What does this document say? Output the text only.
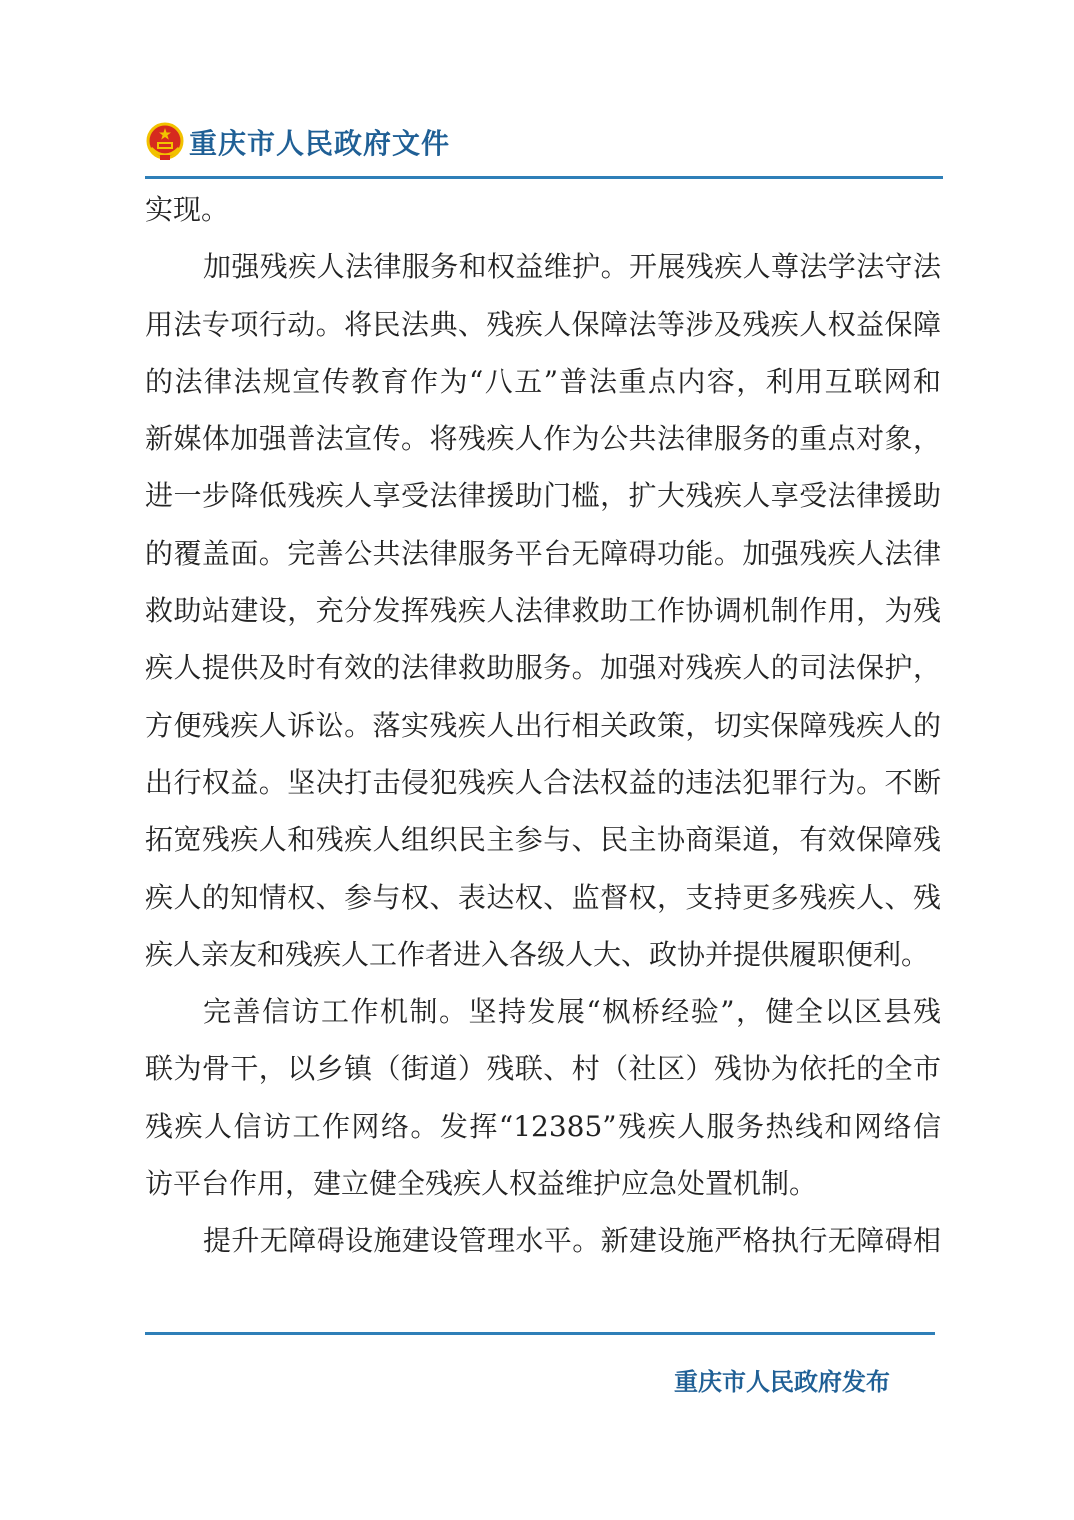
重庆市人民政府文件

实现。

加强残疾人法律服务和权益维护。开展残疾人尊法学法守法

用法专项行动。将民法典、残疾人保障法等涉及残疾人权益保障

的法律法规宣传教育作为“八五”普法重点内容，利用互联网和

新媒体加强普法宣传。将残疾人作为公共法律服务的重点对象，

进一步降低残疾人享受法律援助门槛，扩大残疾人享受法律援助

的覆盖面。完善公共法律服务平台无障碍功能。加强残疾人法律

救助站建设，充分发挥残疾人法律救助工作协调机制作用，为残

疾人提供及时有效的法律救助服务。加强对残疾人的司法保护，

方便残疾人诉讼。落实残疾人出行相关政策，切实保障残疾人的

出行权益。坚决打击侵犯残疾人合法权益的违法犯罪行为。不断

拓宽残疾人和残疾人组织民主参与、民主协商渠道，有效保障残

疾人的知情权、参与权、表达权、监督权，支持更多残疾人、残

疾人亲友和残疾人工作者进入各级人大、政协并提供履职便利。

完善信访工作机制。坚持发展“枫桥经验”，健全以区县残

联为骨干，以乡镇（街道）残联、村（社区）残协为依托的全市

残疾人信访工作网络。发挥“12385”残疾人服务热线和网络信

访平台作用，建立健全残疾人权益维护应急处置机制。

提升无障碍设施建设管理水平。新建设施严格执行无障碍相

重庆市人民政府发布
